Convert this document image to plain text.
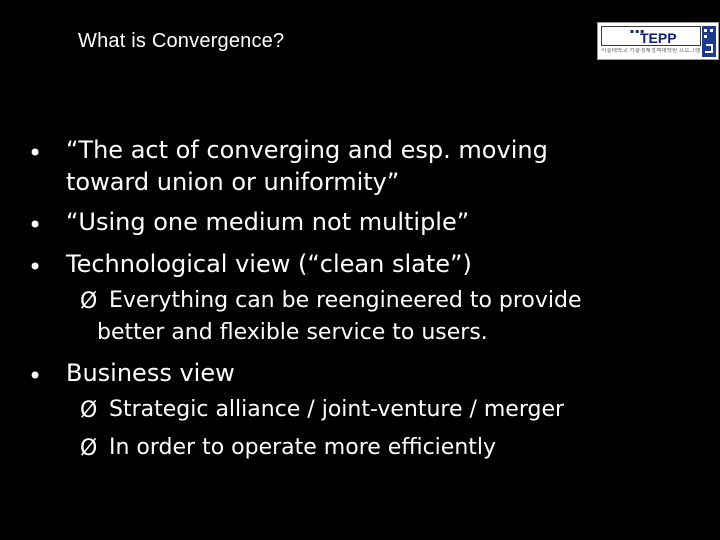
What is Convergence?	▪▪▪
TEPP
서울대학교 기술경제정책대학원 프로그램
• “The act of converging and esp. moving
toward union or uniformity”
• “Using one medium not multiple”
• Technological view (“clean slate”)
Ø Everything can be reengineered to provide
better and flexible service to users.
• Business view
Ø Strategic alliance / joint-venture / merger
Ø In order to operate more efficiently
